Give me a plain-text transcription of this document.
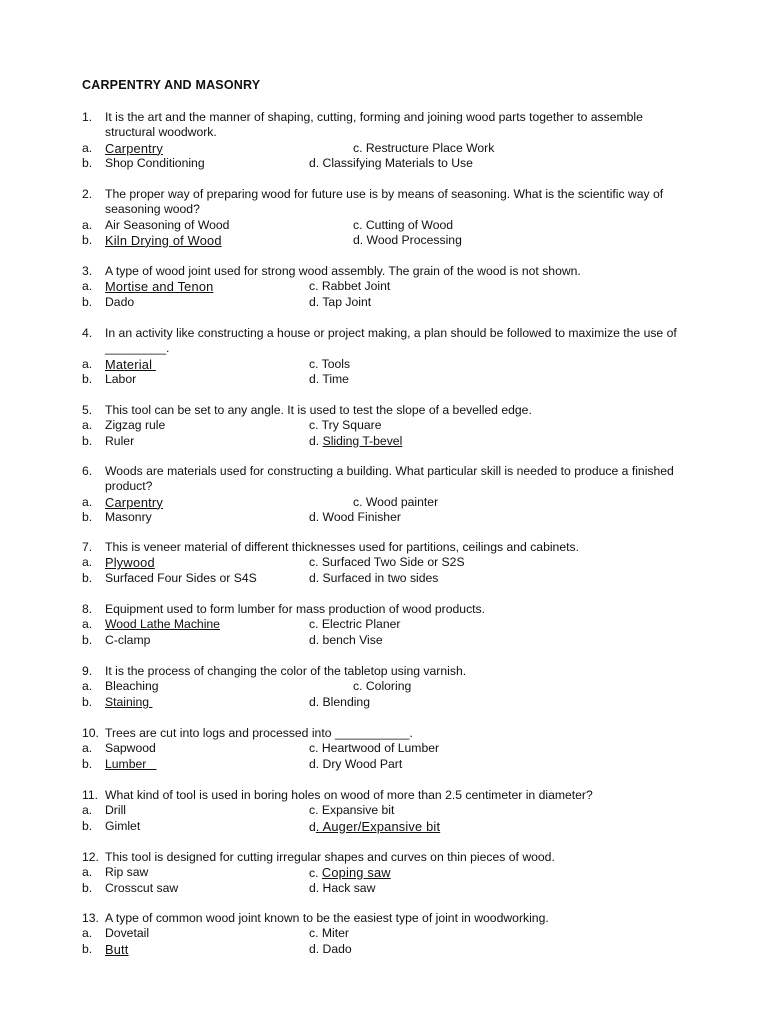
CARPENTRY AND MASONRY
1.	It is the art and the manner of shaping, cutting, forming and joining wood parts together to assemble structural woodwork.
a.	Carpentry	c. Restructure Place Work
b.	Shop Conditioning	d. Classifying Materials to Use
2.	The proper way of preparing wood for future use is by means of seasoning. What is the scientific way of seasoning wood?
a.	Air Seasoning of Wood	c. Cutting of Wood
b.	Kiln Drying of Wood	d. Wood Processing
3.	A type of wood joint used for strong wood assembly. The grain of the wood is not shown.
a.	Mortise and Tenon	c. Rabbet Joint
b.	Dado	d. Tap Joint
4.	In an activity like constructing a house or project making, a plan should be followed to maximize the use of _________.
a.	Material	c. Tools
b.	Labor	d. Time
5.	This tool can be set to any angle. It is used to test the slope of a bevelled edge.
a.	Zigzag rule	c. Try Square
b.	Ruler	d. Sliding T-bevel
6.	Woods are materials used for constructing a building. What particular skill is needed to produce a finished product?
a.	Carpentry	c. Wood painter
b.	Masonry	d. Wood Finisher
7.	This is veneer material of different thicknesses used for partitions, ceilings and cabinets.
a.	Plywood	c. Surfaced Two Side or S2S
b.	Surfaced Four Sides or S4S	d. Surfaced in two sides
8.	Equipment used to form lumber for mass production of wood products.
a.	Wood Lathe Machine	c. Electric Planer
b.	C-clamp	d. bench Vise
9.	It is the process of changing the color of the tabletop using varnish.
a.	Bleaching	c. Coloring
b.	Staining	d. Blending
10. Trees are cut into logs and processed into ___________.
a.	Sapwood	c. Heartwood of Lumber
b.	Lumber	d. Dry Wood Part
11. What kind of tool is used in boring holes on wood of more than 2.5 centimeter in diameter?
a.	Drill	c. Expansive bit
b.	Gimlet	d. Auger/Expansive bit
12. This tool is designed for cutting irregular shapes and curves on thin pieces of wood.
a.	Rip saw	c. Coping saw
b.	Crosscut saw	d. Hack saw
13. A type of common wood joint known to be the easiest type of joint in woodworking.
a.	Dovetail	c. Miter
b.	Butt	d. Dado
